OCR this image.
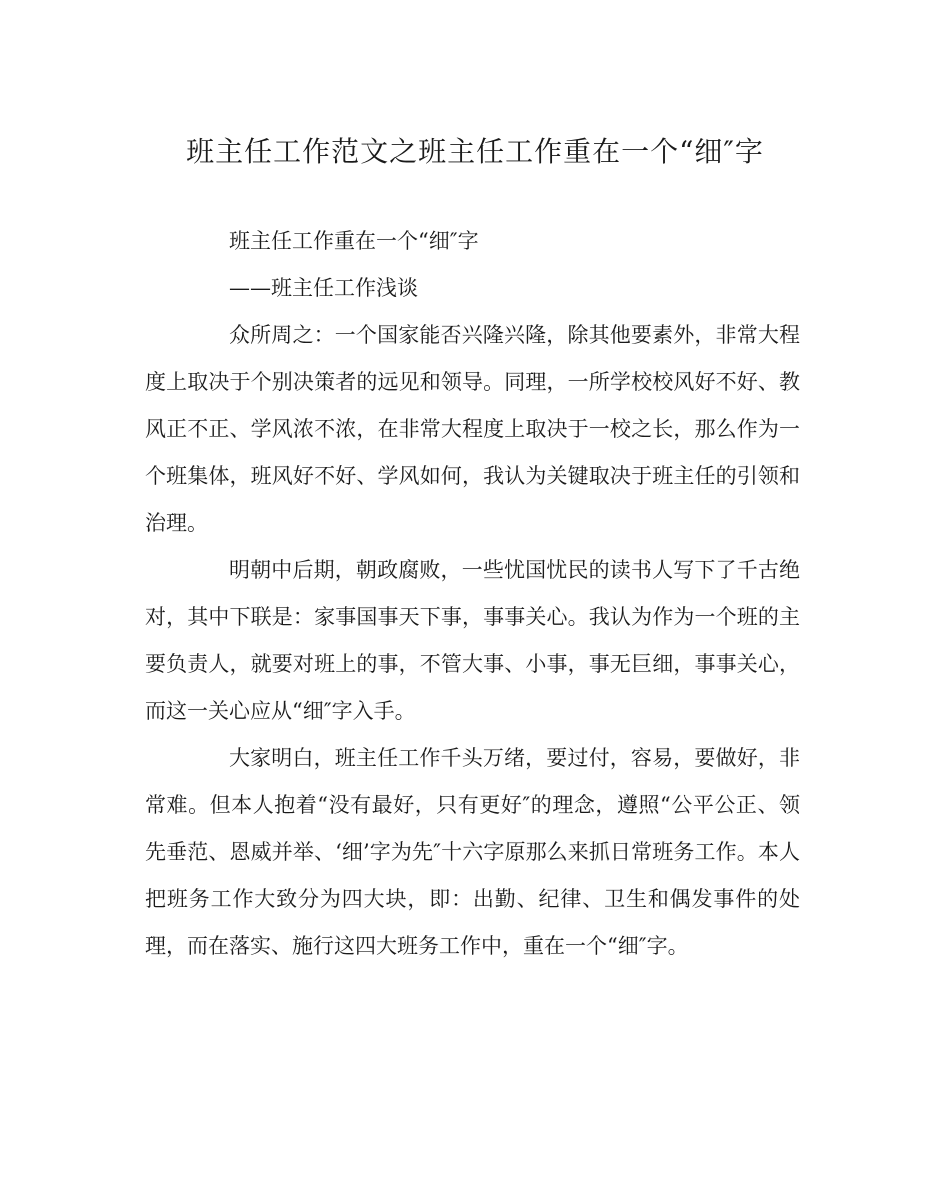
班主任工作范文之班主任工作重在一个“细″字

班主任工作重在一个“细″字

——班主任工作浅谈

众所周之：一个国家能否兴隆兴隆，除其他要素外，非常大程度上取决于个别决策者的远见和领导。同理，一所学校校风好不好、教风正不正、学风浓不浓，在非常大程度上取决于一校之长，那么作为一个班集体，班风好不好、学风如何，我认为关键取决于班主任的引领和治理。

明朝中后期，朝政腐败，一些忧国忧民的读书人写下了千古绝对，其中下联是：家事国事天下事，事事关心。我认为作为一个班的主要负责人，就要对班上的事，不管大事、小事，事无巨细，事事关心，而这一关心应从“细″字入手。

大家明白，班主任工作千头万绪，要过付，容易，要做好，非常难。但本人抱着“没有最好，只有更好″的理念，遵照“公平公正、领先垂范、恩威并举、‘细’字为先″十六字原那么来抓日常班务工作。本人把班务工作大致分为四大块，即：出勤、纪律、卫生和偶发事件的处理，而在落实、施行这四大班务工作中，重在一个“细″字。
